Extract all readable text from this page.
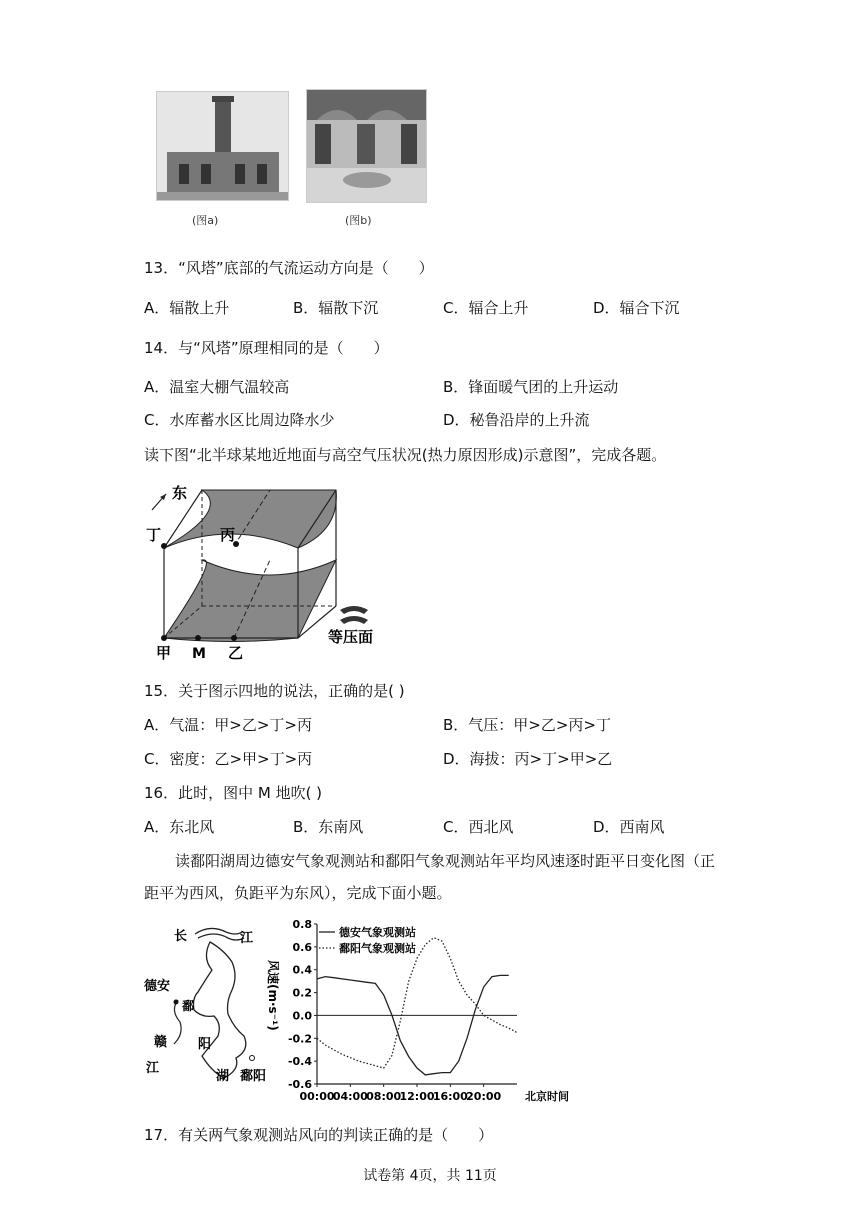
(图a)	(图b)
13．“风塔”底部的气流运动方向是（　　）
A．辐散上升	B．辐散下沉	C．辐合上升	D．辐合下沉
14．与“风塔”原理相同的是（　　）
A．温室大棚气温较高	B．锋面暖气团的上升运动
C．水库蓄水区比周边降水少	D．秘鲁沿岸的上升流
读下图“北半球某地近地面与高空气压状况(热力原因形成)示意图”，完成各题。
东
丁	丙
甲 M 乙
等压面
15．关于图示四地的说法，正确的是( )
A．气温：甲>乙>丁>丙	B．气压：甲>乙>丙>丁
C．密度：乙>甲>丁>丙	D．海拔：丙>丁>甲>乙
16．此时，图中 M 地吹( )
A．东北风	B．东南风	C．西北风	D．西南风
读鄱阳湖周边德安气象观测站和鄱阳气象观测站年平均风速逐时距平日变化图（正
距平为西风，负距平为东风），完成下面小题。
长	江
德安
鄱
赣
江
阳
湖 鄱阳
0.8
0.6
0.4
0.2
0.0
-0.2
-0.4
-0.6
00:00
04:00
08:00
12:00
16:00
20:00 北京时间
德安气象观测站
鄱阳气象观测站
风速(m·s⁻¹)
17．有关两气象观测站风向的判读正确的是（　　）
试卷第 4页，共 11页
